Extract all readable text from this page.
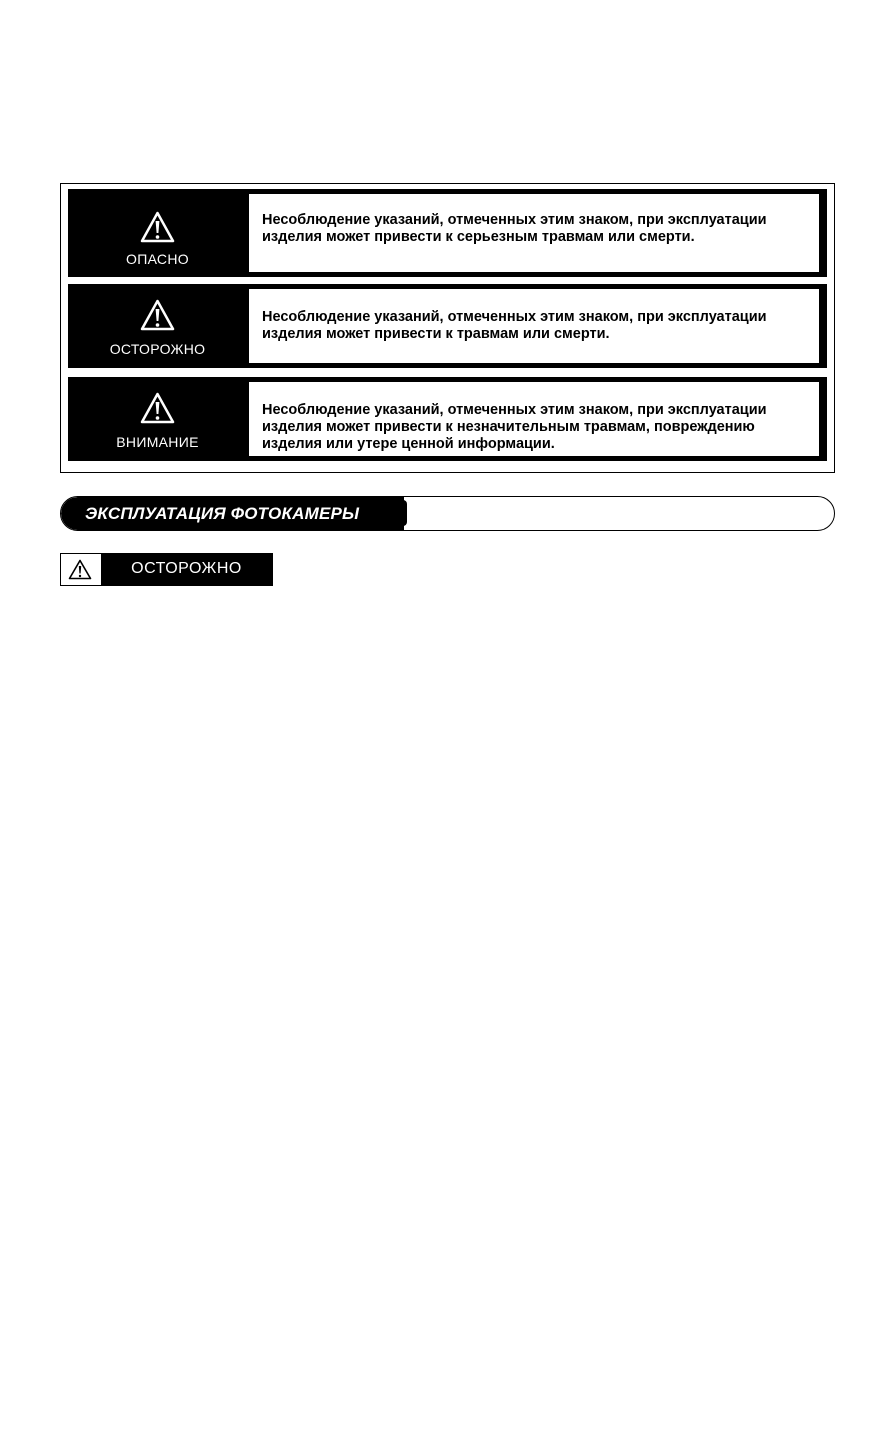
ОПАСНО
Несоблюдение указаний, отмеченных этим знаком, при эксплуатации
изделия может привести к серьезным травмам или смерти.
ОСТОРОЖНО
Несоблюдение указаний, отмеченных этим знаком, при эксплуатации
изделия может привести к травмам или смерти.
ВНИМАНИЕ
Несоблюдение указаний, отмеченных этим знаком, при эксплуатации
изделия может привести к незначительным травмам, повреждению
изделия или утере ценной информации.
ЭКСПЛУАТАЦИЯ ФОТОКАМЕРЫ
ОСТОРОЖНО
